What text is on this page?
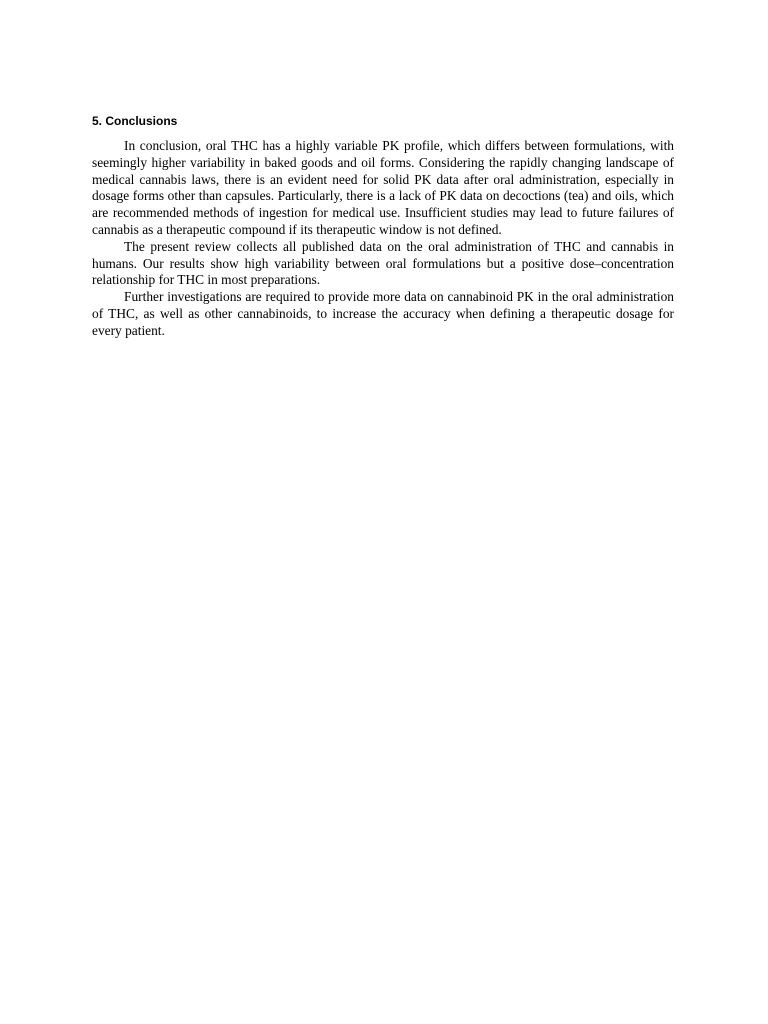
5. Conclusions

In conclusion, oral THC has a highly variable PK profile, which differs between formulations, with seemingly higher variability in baked goods and oil forms. Considering the rapidly changing landscape of medical cannabis laws, there is an evident need for solid PK data after oral administration, especially in dosage forms other than capsules. Particularly, there is a lack of PK data on decoctions (tea) and oils, which are recommended methods of ingestion for medical use. Insufficient studies may lead to future failures of cannabis as a therapeutic compound if its therapeutic window is not defined.

The present review collects all published data on the oral administration of THC and cannabis in humans. Our results show high variability between oral formulations but a positive dose–concentration relationship for THC in most preparations.

Further investigations are required to provide more data on cannabinoid PK in the oral administration of THC, as well as other cannabinoids, to increase the accuracy when defining a therapeutic dosage for every patient.
